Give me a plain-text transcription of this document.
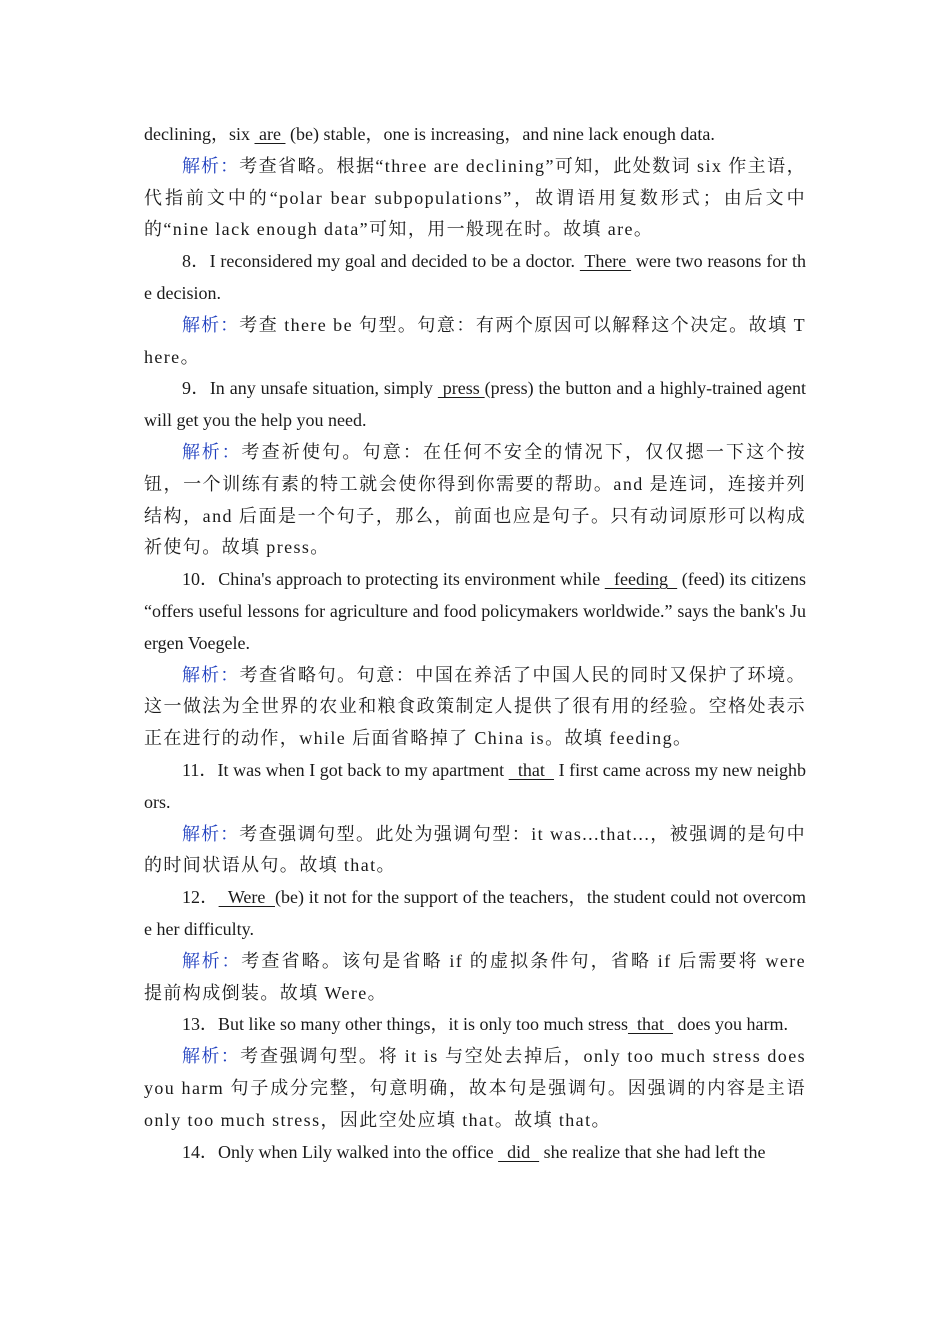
declining，six  are  (be) stable，one is increasing，and nine lack enough data.

解析：考查省略。根据“three are declining”可知，此处数词 six 作主语，代指前文中的“polar bear subpopulations”，故谓语用复数形式；由后文中的“nine lack enough data”可知，用一般现在时。故填 are。

8．I reconsidered my goal and decided to be a doctor.  There  were two reasons for the decision.

解析：考查 there be 句型。句意：有两个原因可以解释这个决定。故填 There。

9．In any unsafe situation, simply  press (press) the button and a highly-trained agent will get you the help you need.

解析：考查祈使句。句意：在任何不安全的情况下，仅仅摁一下这个按钮，一个训练有素的特工就会使你得到你需要的帮助。and 是连词，连接并列结构，and 后面是一个句子，那么，前面也应是句子。只有动词原形可以构成祈使句。故填 press。

10．China's approach to protecting its environment while   feeding   (feed) its citizens “offers useful lessons for agriculture and food policymakers worldwide.” says the bank's Juergen Voegele.

解析：考查省略句。句意：中国在养活了中国人民的同时又保护了环境。这一做法为全世界的农业和粮食政策制定人提供了很有用的经验。空格处表示正在进行的动作，while 后面省略掉了 China is。故填 feeding。

11．It was when I got back to my apartment   that   I first came across my new neighbors.

解析：考查强调句型。此处为强调句型：it was...that...，被强调的是句中的时间状语从句。故填 that。

12．  Were  (be) it not for the support of the teachers，the student could not overcome her difficulty.

解析：考查省略。该句是省略 if 的虚拟条件句，省略 if 后需要将 were 提前构成倒装。故填 Were。

13．But like so many other things，it is only too much stress  that   does you harm.

解析：考查强调句型。将 it is 与空处去掉后，only too much stress does you harm 句子成分完整，句意明确，故本句是强调句。因强调的内容是主语 only too much stress，因此空处应填 that。故填 that。

14．Only when Lily walked into the office   did   she realize that she had left the
